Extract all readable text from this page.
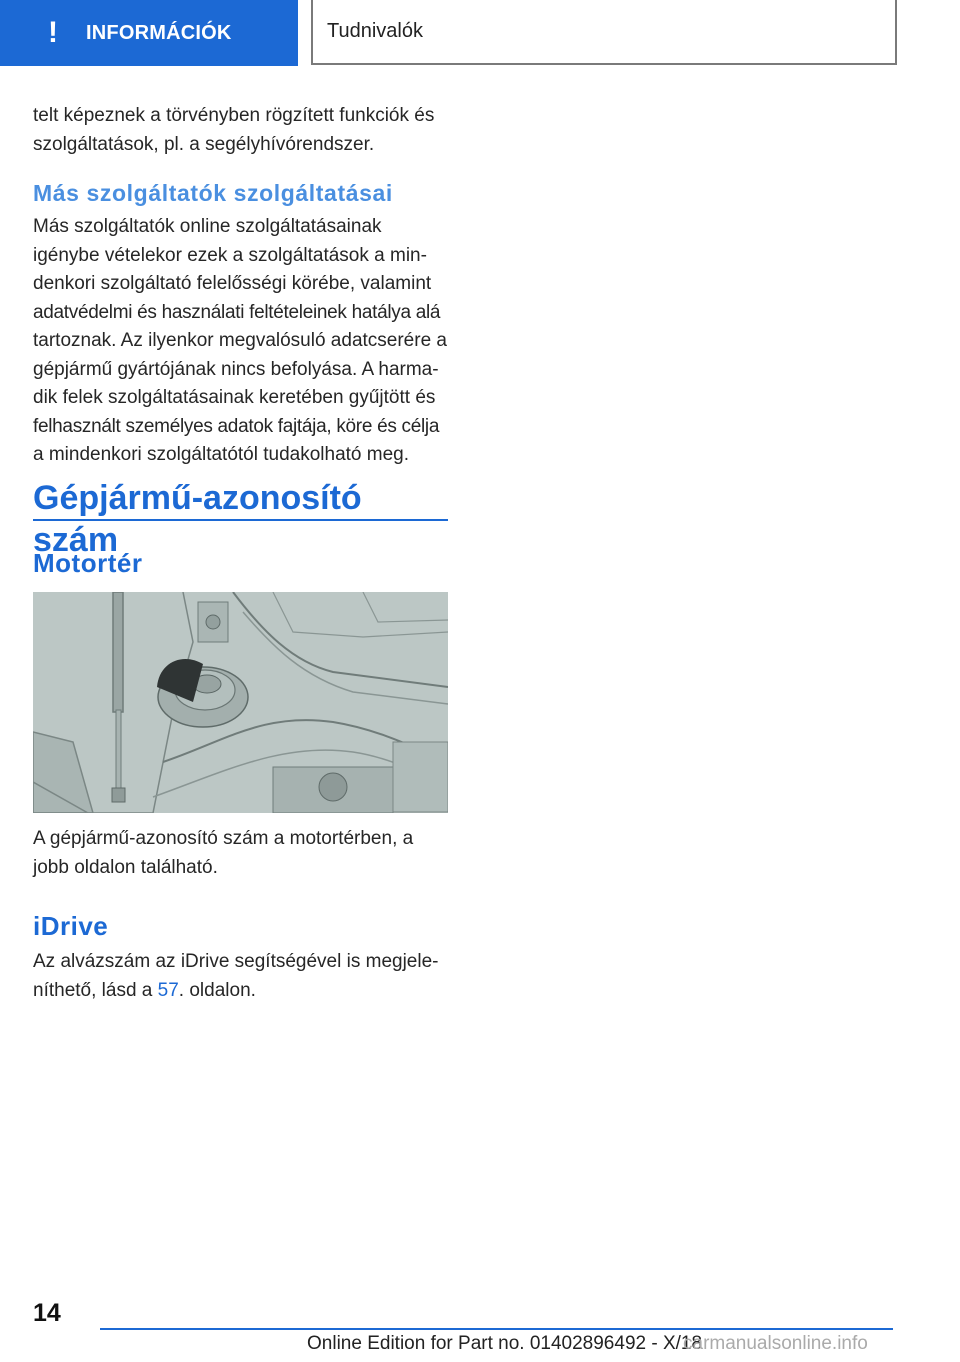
!	INFORMÁCIÓK	Tudnivalók

telt képeznek a törvényben rögzített funkciók és

szolgáltatások, pl. a segélyhívórendszer.

Más szolgáltatók szolgáltatásai

Más szolgáltatók online szolgáltatásainak

igénybe vételekor ezek a szolgáltatások a min-

denkori szolgáltató felelősségi körébe, valamint

adatvédelmi és használati feltételeinek hatálya alá

tartoznak. Az ilyenkor megvalósuló adatcserére a

gépjármű gyártójának nincs befolyása. A harma-

dik felek szolgáltatásainak keretében gyűjtött és

felhasznált személyes adatok fajtája, köre és célja

a mindenkori szolgáltatótól tudakolható meg.

Gépjármű-azonosító szám
Motortér

A gépjármű-azonosító szám a motortérben, a

jobb oldalon található.

iDrive

Az alvázszám az iDrive segítségével is megjele-

níthető, lásd a 57. oldalon.

14
Online Edition for Part no. 01402896492 - X/18
carmanualsonline.info
